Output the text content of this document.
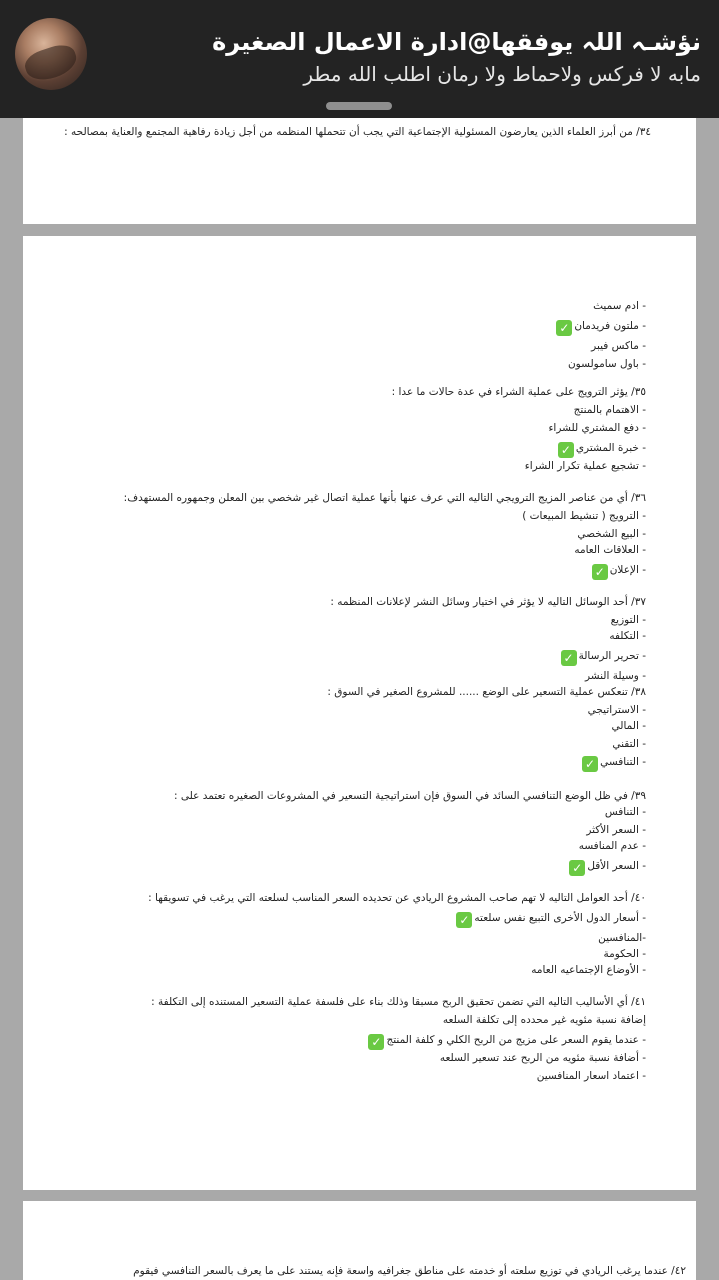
نؤشـہ اللہ يوفقها@ادارة الاعمال الصغيرة
مابه لا فركس ولاحماط ولا رمان اطلب الله مطر
٣٤/ من أبرز العلماء الذين يعارضون المسئولية الإجتماعية التي يجب أن تتحملها المنظمه من أجل زيادة رفاهية المجتمع والعناية بمصالحه :
- ادم سميث
- ملتون فريدمان✓
- ماكس فيبر
- باول سامولسون
٣٥/ يؤثر الترويج على عملية الشراء في عدة حالات ما عدا :
- الاهتمام بالمنتج
- دفع المشتري للشراء
- خبرة المشتري✓
- تشجيع عملية تكرار الشراء
٣٦/ أي من عناصر المزيج الترويجي التاليه التي عرف عنها بأنها عملية اتصال غير شخصي بين المعلن وجمهوره المستهدف:
- الترويج ( تنشيط المبيعات )
- البيع الشخصي
- العلاقات العامه
- الإعلان✓
٣٧/ أحد الوسائل التاليه لا يؤثر في اختيار وسائل النشر لإعلانات المنظمه :
- التوزيع
- التكلفه
- تحرير الرسالة✓
- وسيلة النشر
٣٨/ تنعكس عملية التسعير على الوضع ...... للمشروع الصغير في السوق :
- الاستراتيجي
- المالي
- التقني
- التنافسي✓
٣٩/ في ظل الوضع التنافسي السائد في السوق فإن استراتيجية التسعير في المشروعات الصغيره تعتمد على :
- التنافس
- السعر الأكثر
- عدم المنافسه
- السعر الأقل✓
٤٠/ أحد العوامل التاليه لا تهم صاحب المشروع الريادي عن تحديده السعر المناسب لسلعته التي يرغب في تسويقها :
- أسعار الدول الأخرى التبيع نفس سلعته✓
-المنافسين
- الحكومة
- الأوضاع الإجتماعيه العامه
٤١/ أي الأساليب التاليه التي تضمن تحقيق الربح مسبقا وذلك بناء على فلسفة عملية التسعير المستنده إلى التكلفة :
إضافة نسبة مئويه غير محدده إلى تكلفة السلعه
- عندما يقوم السعر على مزيج من الربح الكلي و كلفة المنتج✓
- أضافة نسبة مئويه من الربح عند تسعير السلعه
- اعتماد اسعار المنافسين
٤٢/ عندما يرغب الريادي في توزيع سلعته أو خدمته على مناطق جغرافيه واسعة فإنه يستند على ما يعرف بالسعر التنافسي فيقوم
